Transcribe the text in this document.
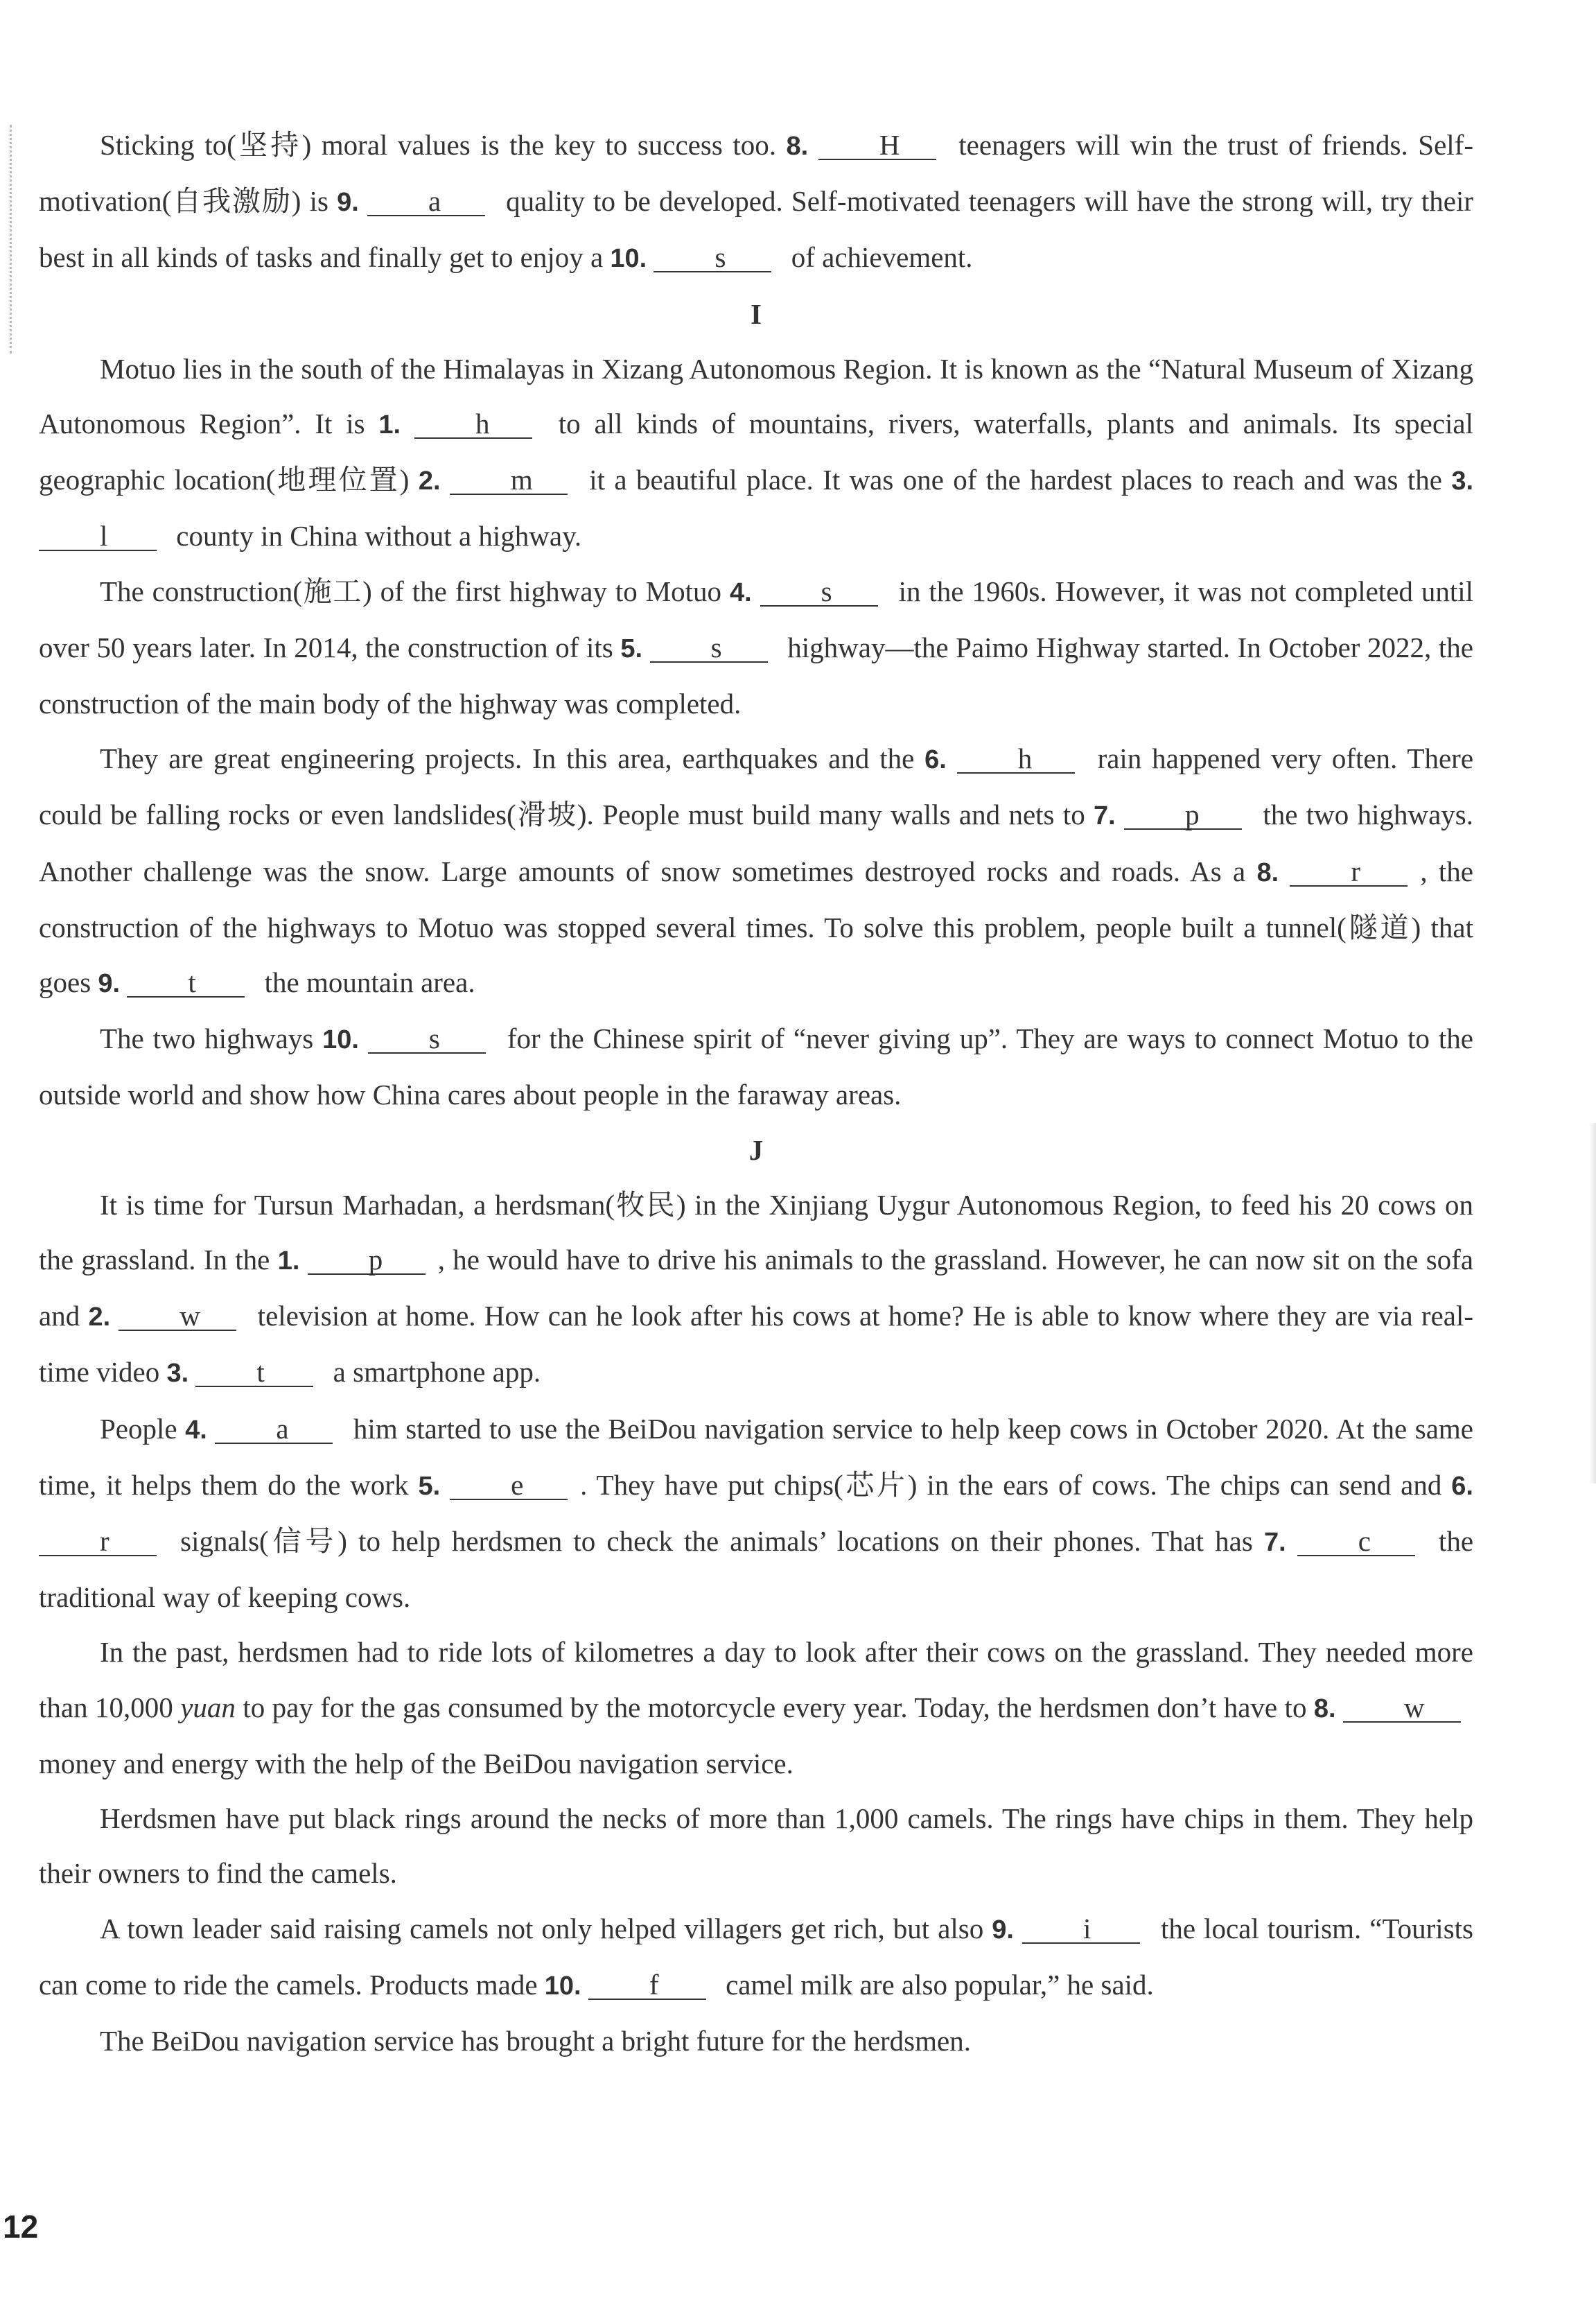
Sticking to(坚持) moral values is the key to success too. 8.	H teenagers will win the trust of friends. Self-motivation(自我激励) is 9. a quality to be developed. Self-motivated teenagers will have the strong will, try their best in all kinds of tasks and finally get to enjoy a 10. s of achievement.

I

Motuo lies in the south of the Himalayas in Xizang Autonomous Region. It is known as the “Natural Museum of Xizang Autonomous Region”. It is 1.	h to all kinds of mountains, rivers, waterfalls, plants and animals. Its special geographic location(地理位置) 2. m it a beautiful place. It was one of the hardest places to reach and was the 3. l county in China without a highway.

The construction(施工) of the first highway to Motuo 4. s in the 1960s. However, it was not completed until over 50 years later. In 2014, the construction of its 5. s highway—the Paimo Highway started. In October 2022, the construction of the main body of the highway was completed.

They are great engineering projects. In this area, earthquakes and the 6.	h rain happened very often. There could be falling rocks or even landslides(滑坡). People must build many walls and nets to 7. p the two highways. Another challenge was the snow. Large amounts of snow sometimes destroyed rocks and roads. As a 8.	r , the construction of the highways to Motuo was stopped several times. To solve this problem, people built a tunnel(隧道) that goes 9. t the mountain area.

The two highways 10. s for the Chinese spirit of “never giving up”. They are ways to connect Motuo to the outside world and show how China cares about people in the faraway areas.

J

It is time for Tursun Marhadan, a herdsman(牧民) in the Xinjiang Uygur Autonomous Region, to feed his 20 cows on the grassland. In the 1. p , he would have to drive his animals to the grassland. However, he can now sit on the sofa and 2. w television at home. How can he look after his cows at home? He is able to know where they are via real-time video 3. t a smartphone app.

People 4. a him started to use the BeiDou navigation service to help keep cows in October 2020. At the same time, it helps them do the work 5. e . They have put chips(芯片) in the ears of cows. The chips can send and 6. r signals(信号) to help herdsmen to check the animals’ locations on their phones. That has 7.	c the traditional way of keeping cows.

In the past, herdsmen had to ride lots of kilometres a day to look after their cows on the grassland. They needed more than 10,000 yuan to pay for the gas consumed by the motorcycle every year. Today, the herdsmen don’t have to 8. w money and energy with the help of the BeiDou navigation service.

Herdsmen have put black rings around the necks of more than 1,000 camels. The rings have chips in them. They help their owners to find the camels.

A town leader said raising camels not only helped villagers get rich, but also 9. i the local tourism. “Tourists can come to ride the camels. Products made 10. f camel milk are also popular,” he said.

The BeiDou navigation service has brought a bright future for the herdsmen.

12
